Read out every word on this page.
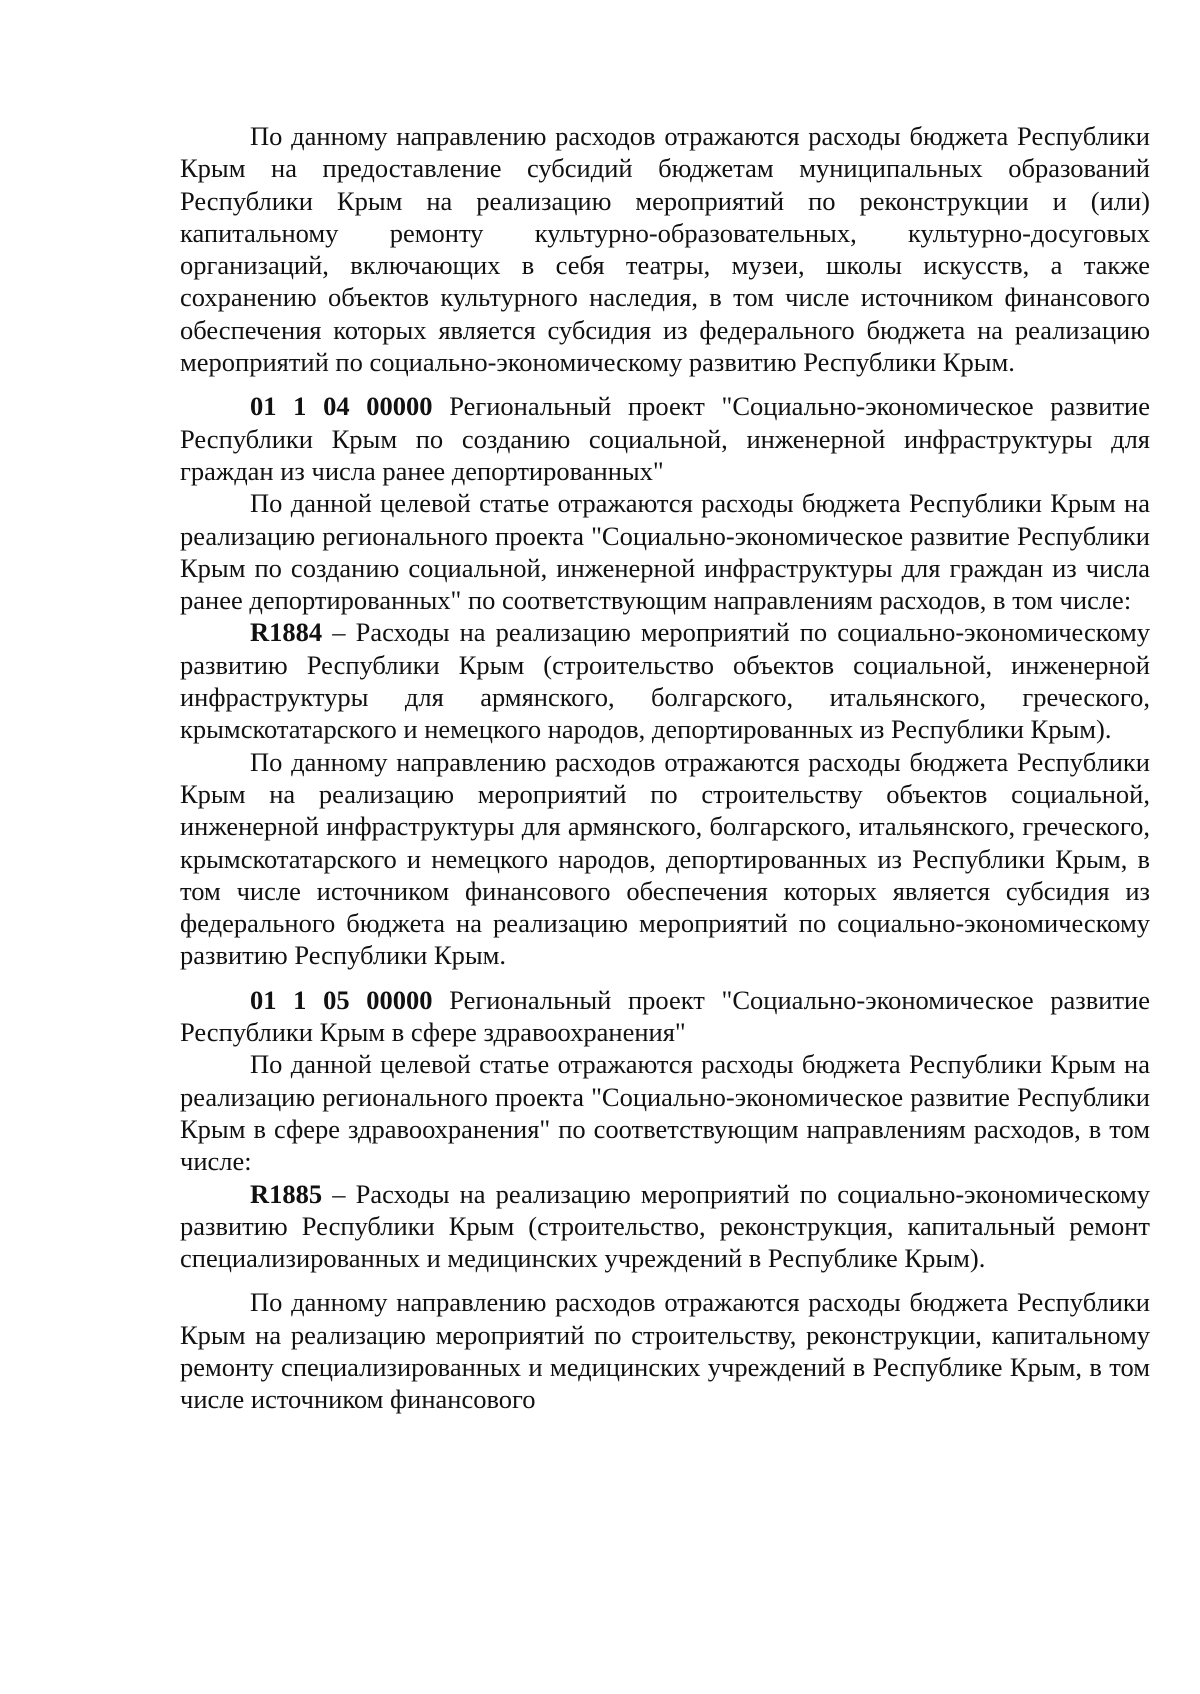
По данному направлению расходов отражаются расходы бюджета Республики Крым на предоставление субсидий бюджетам муниципальных образований Республики Крым на реализацию мероприятий по реконструкции и (или) капитальному ремонту культурно-образовательных, культурно-досуговых организаций, включающих в себя театры, музеи, школы искусств, а также сохранению объектов культурного наследия, в том числе источником финансового обеспечения которых является субсидия из федерального бюджета на реализацию мероприятий по социально-экономическому развитию Республики Крым.

01 1 04 00000 Региональный проект "Социально-экономическое развитие Республики Крым по созданию социальной, инженерной инфраструктуры для граждан из числа ранее депортированных"

По данной целевой статье отражаются расходы бюджета Республики Крым на реализацию регионального проекта "Социально-экономическое развитие Республики Крым по созданию социальной, инженерной инфраструктуры для граждан из числа ранее депортированных" по соответствующим направлениям расходов, в том числе:

R1884 – Расходы на реализацию мероприятий по социально-экономическому развитию Республики Крым (строительство объектов социальной, инженерной инфраструктуры для армянского, болгарского, итальянского, греческого, крымскотатарского и немецкого народов, депортированных из Республики Крым).

По данному направлению расходов отражаются расходы бюджета Республики Крым на реализацию мероприятий по строительству объектов социальной, инженерной инфраструктуры для армянского, болгарского, итальянского, греческого, крымскотатарского и немецкого народов, депортированных из Республики Крым, в том числе источником финансового обеспечения которых является субсидия из федерального бюджета на реализацию мероприятий по социально-экономическому развитию Республики Крым.

01 1 05 00000 Региональный проект "Социально-экономическое развитие Республики Крым в сфере здравоохранения"

По данной целевой статье отражаются расходы бюджета Республики Крым на реализацию регионального проекта "Социально-экономическое развитие Республики Крым в сфере здравоохранения" по соответствующим направлениям расходов, в том числе:

R1885 – Расходы на реализацию мероприятий по социально-экономическому развитию Республики Крым (строительство, реконструкция, капитальный ремонт специализированных и медицинских учреждений в Республике Крым).

По данному направлению расходов отражаются расходы бюджета Республики Крым на реализацию мероприятий по строительству, реконструкции, капитальному ремонту специализированных и медицинских учреждений в Республике Крым, в том числе источником финансового
